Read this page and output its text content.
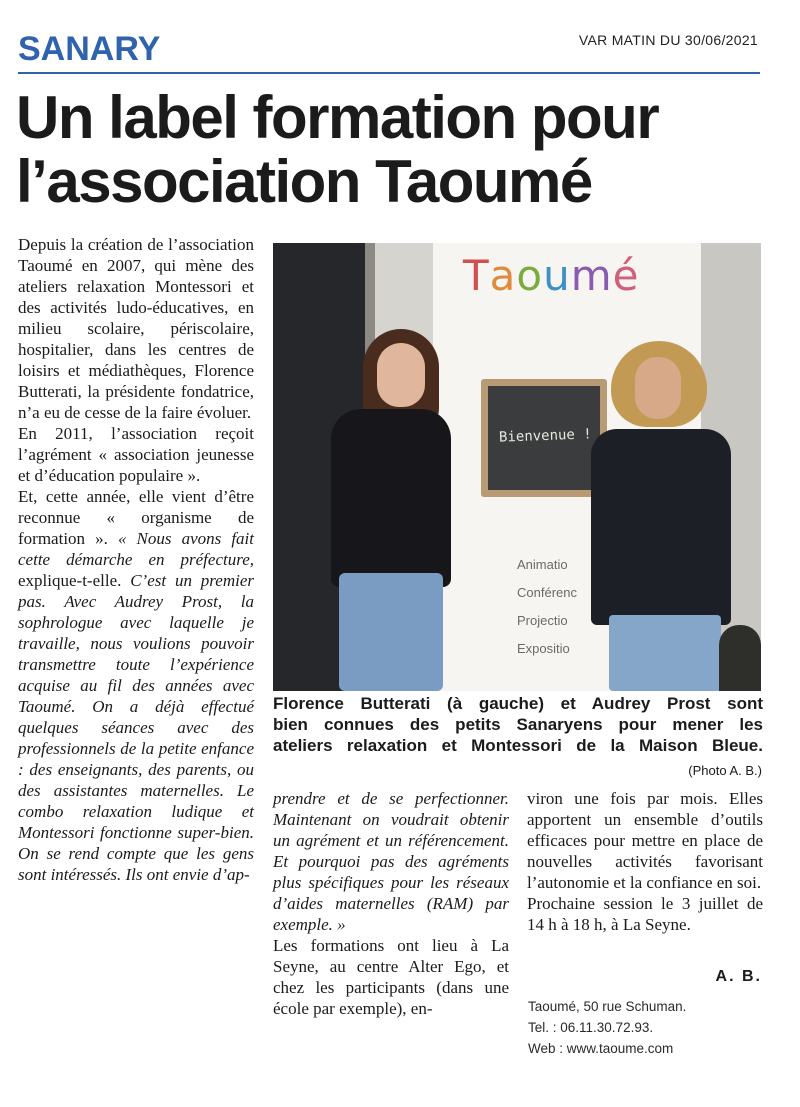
SANARY	VAR MATIN DU 30/06/2021
Un label formation pour
l’association Taoumé

Depuis la création de l’association Taoumé en 2007, qui mène des ateliers relaxation Montessori et des activités ludo-éducatives, en milieu scolaire, périscolaire, hospitalier, dans les centres de loisirs et médiathèques, Florence Butterati, la présidente fondatrice, n’a eu de cesse de la faire évoluer.

En 2011, l’association reçoit l’agrément « association jeunesse et d’éducation populaire ».

Et, cette année, elle vient d’être reconnue « organisme de formation ». « Nous avons fait cette démarche en préfecture, explique-t-elle. C’est un premier pas. Avec Audrey Prost, la sophrologue avec laquelle je travaille, nous voulions pouvoir transmettre toute l’expérience acquise au fil des années avec Taoumé. On a déjà effectué quelques séances avec des professionnels de la petite enfance : des enseignants, des parents, ou des assistantes maternelles. Le combo relaxation ludique et Montessori fonctionne super-bien. On se rend compte que les gens sont intéressés. Ils ont envie d’ap-

Taoumé
Bienvenue !
Animatio
Conférenc
Projectio
Expositio
Florence Butterati (à gauche) et Audrey Prost sont
bien connues des petits Sanaryens pour mener les
ateliers relaxation et Montessori de la Maison Bleue.
(Photo A. B.)

prendre et de se perfectionner. Maintenant on voudrait obtenir un agrément et un référencement. Et pourquoi pas des agréments plus spécifiques pour les réseaux d’aides maternelles (RAM) par exemple. »

Les formations ont lieu à La Seyne, au centre Alter Ego, et chez les participants (dans une école par exemple), en-

viron une fois par mois. Elles apportent un ensemble d’outils efficaces pour mettre en place de nouvelles activités favorisant l’autonomie et la confiance en soi.

Prochaine session le 3 juillet de 14 h à 18 h, à La Seyne.

A. B.
Taoumé, 50 rue Schuman.
Tel. : 06.11.30.72.93.
Web : www.taoume.com
